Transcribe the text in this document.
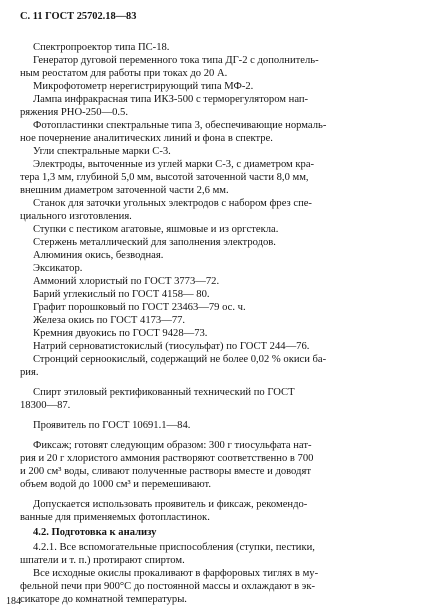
С. 11 ГОСТ 25702.18—83
Спектропроектор типа ПС-18.
Генератор дуговой переменного тока типа ДГ-2 с дополнитель-
ным реостатом для работы при токах до 20 А.
Микрофотометр нерегистрирующий типа МФ-2.
Лампа инфракрасная типа ИКЗ-500 с терморегулятором нап-
ряжения РНО-250—0.5.
Фотопластинки спектральные типа 3, обеспечивающие нормаль-
ное почернение аналитических линий и фона в спектре.
Угли спектральные марки С-3.
Электроды, выточенные из углей марки С-3, с диаметром кра-
тера 1,3 мм, глубиной 5,0 мм, высотой заточенной части 8,0 мм,
внешним диаметром заточенной части 2,6 мм.
Станок для заточки угольных электродов с набором фрез спе-
циального изготовления.
Ступки с пестиком агатовые, яшмовые и из оргстекла.
Стержень металлический для заполнения электродов.
Алюминия окись, безводная.
Эксикатор.
Аммоний хлористый по ГОСТ 3773—72.
Барий углекислый по ГОСТ 4158— 80.
Графит порошковый по ГОСТ 23463—79 ос. ч.
Железа окись по ГОСТ 4173—77.
Кремния двуокись по ГОСТ 9428—73.
Натрий серноватистокислый (тиосульфат) по ГОСТ 244—76.
Стронций серноокислый, содержащий не более 0,02 % окиси ба-
рия.
Спирт этиловый ректификованный технический по ГОСТ
18300—87.
Проявитель по ГОСТ 10691.1—84.
Фиксаж; готовят следующим образом: 300 г тиосульфата нат-
рия и 20 г хлористого аммония растворяют соответственно в 700
и 200 см³ воды, сливают полученные растворы вместе и доводят
объем водой до 1000 см³ и перемешивают.
Допускается использовать проявитель и фиксаж, рекомендо-
ванные для применяемых фотопластинок.
4.2. Подготовка к анализу
4.2.1. Все вспомогательные приспособления (ступки, пестики,
шпатели и т. п.) протирают спиртом.
Все исходные окислы прокаливают в фарфоровых тиглях в му-
фельной печи при 900°С до постоянной массы и охлаждают в эк-
сикаторе до комнатной температуры.
184
